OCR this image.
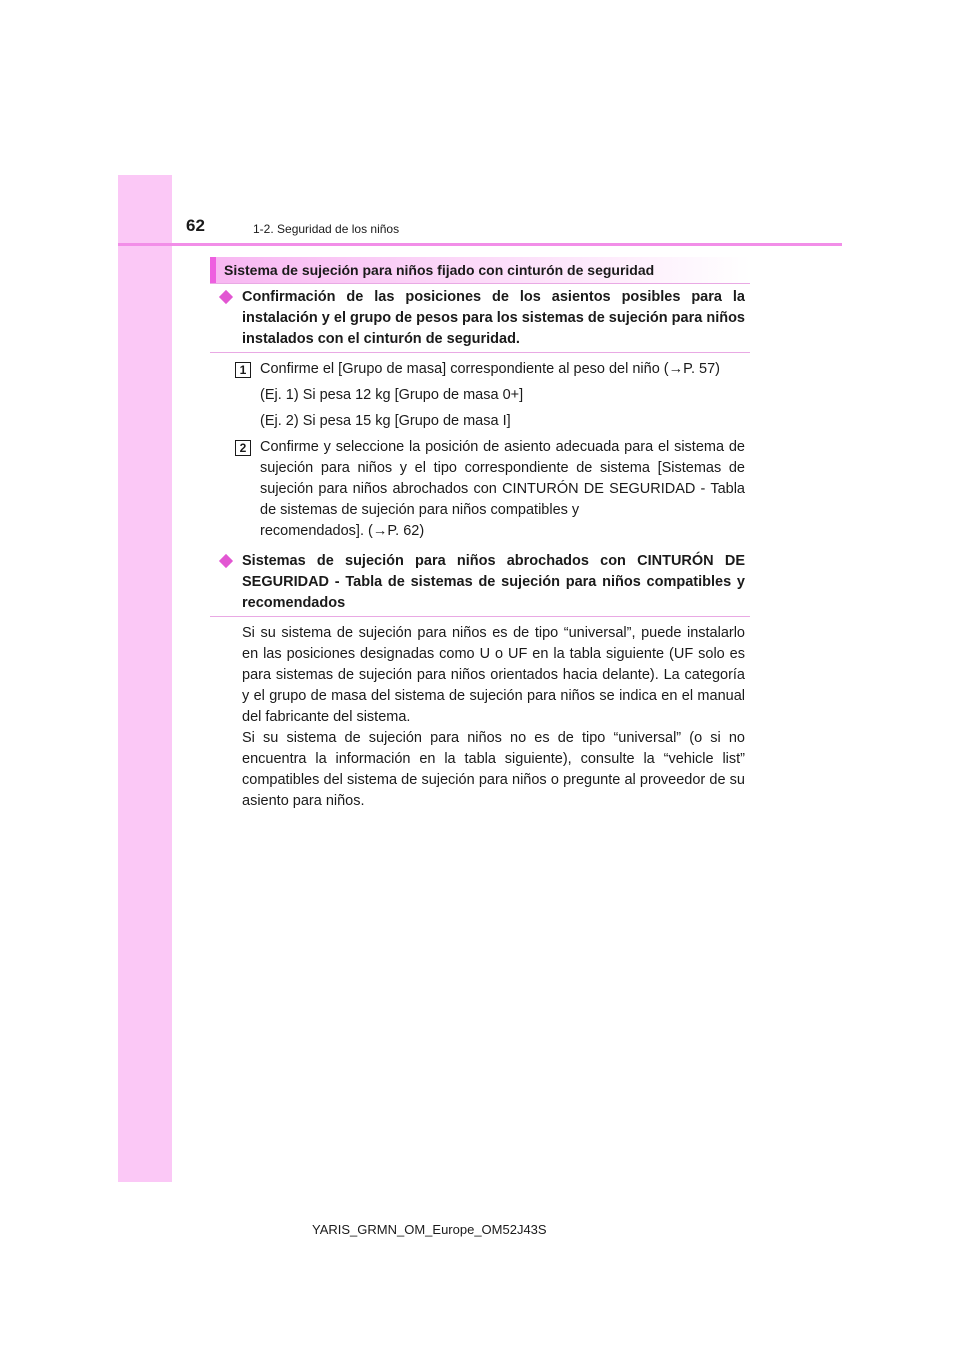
62	1-2. Seguridad de los niños
Sistema de sujeción para niños fijado con cinturón de seguridad
Confirmación de las posiciones de los asientos posibles para la instalación y el grupo de pesos para los sistemas de sujeción para niños instalados con el cinturón de seguridad.
1 Confirme el [Grupo de masa] correspondiente al peso del niño (→P. 57)
(Ej. 1) Si pesa 12 kg [Grupo de masa 0+]
(Ej. 2) Si pesa 15 kg [Grupo de masa I]
2 Confirme y seleccione la posición de asiento adecuada para el sistema de sujeción para niños y el tipo correspondiente de sistema [Sistemas de sujeción para niños abrochados con CINTURÓN DE SEGURIDAD - Tabla de sistemas de sujeción para niños compatibles y
recomendados]. (→P. 62)
Sistemas de sujeción para niños abrochados con CINTURÓN DE SEGURIDAD - Tabla de sistemas de sujeción para niños compatibles y recomendados
Si su sistema de sujeción para niños es de tipo “universal”, puede instalarlo en las posiciones designadas como U o UF en la tabla siguiente (UF solo es para sistemas de sujeción para niños orientados hacia delante). La categoría y el grupo de masa del sistema de sujeción para niños se indica en el manual del fabricante del sistema.
Si su sistema de sujeción para niños no es de tipo “universal” (o si no encuentra la información en la tabla siguiente), consulte la “vehicle list” compatibles del sistema de sujeción para niños o pregunte al proveedor de su asiento para niños.
YARIS_GRMN_OM_Europe_OM52J43S
